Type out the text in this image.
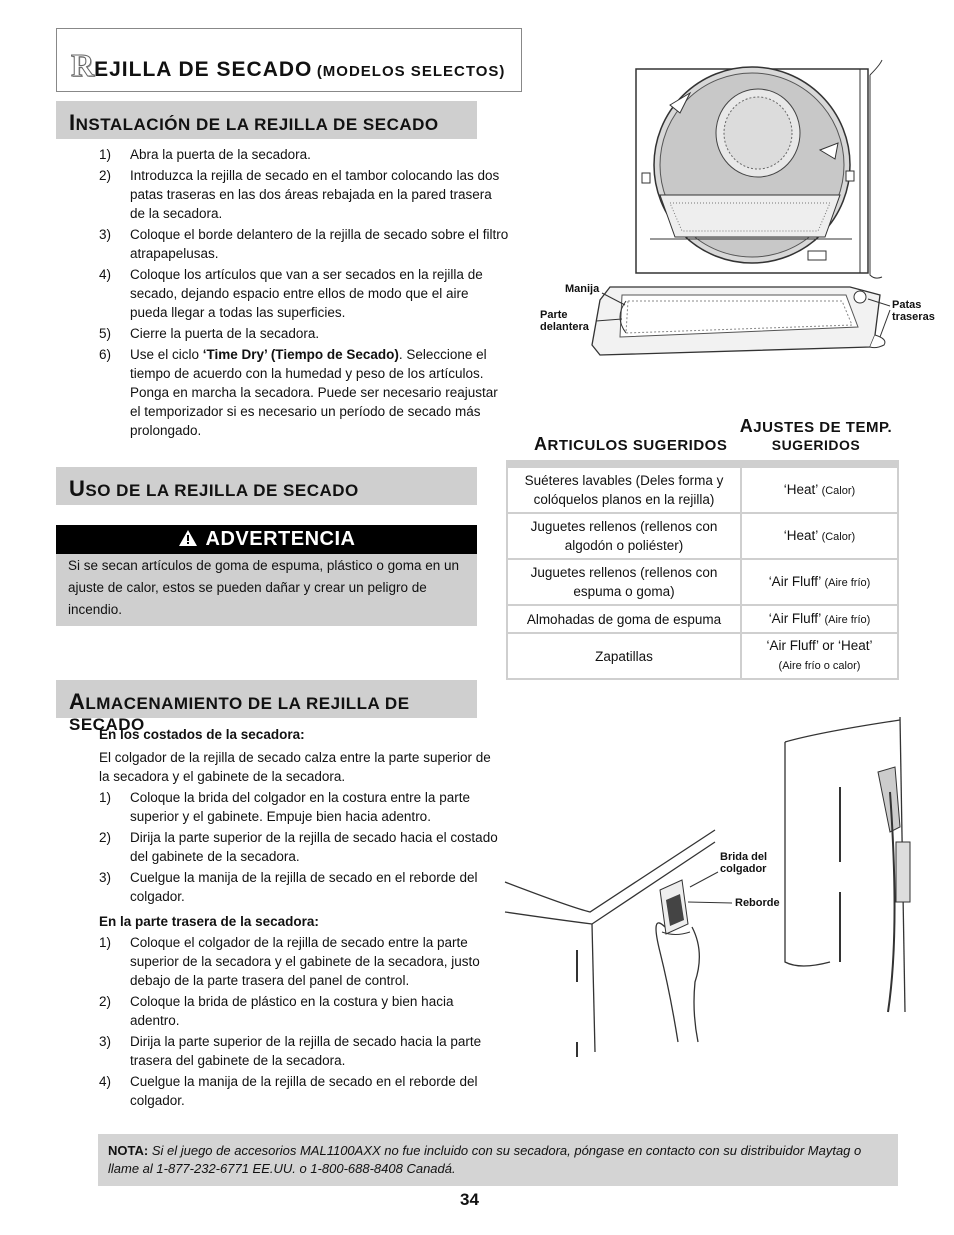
REJILLA DE SECADO (MODELOS SELECTOS)
INSTALACIÓN DE LA REJILLA DE SECADO
1) Abra la puerta de la secadora.
2) Introduzca la rejilla de secado en el tambor colocando las dos patas traseras en las dos áreas rebajada en la pared trasera de la secadora.
3) Coloque el borde delantero de la rejilla de secado sobre el filtro atrapapelusas.
4) Coloque los artículos que van a ser secados en la rejilla de secado, dejando espacio entre ellos de modo que el aire pueda llegar a todas las superficies.
5) Cierre la puerta de la secadora.
6) Use el ciclo ‘Time Dry’ (Tiempo de Secado). Seleccione el tiempo de acuerdo con la humedad y peso de los artículos. Ponga en marcha la secadora. Puede ser necesario reajustar el temporizador si es necesario un período de secado más prolongado.
USO DE LA REJILLA DE SECADO
ADVERTENCIA
Si se secan artículos de goma de espuma, plástico o goma en un ajuste de calor, estos se pueden dañar y crear un peligro de incendio.
ALMACENAMIENTO DE LA REJILLA DE SECADO
En los costados de la secadora:
El colgador de la rejilla de secado calza entre la parte superior de la secadora y el gabinete de la secadora.
1) Coloque la brida del colgador en la costura entre la parte superior y el gabinete. Empuje bien hacia adentro.
2) Dirija la parte superior de la rejilla de secado hacia el costado del gabinete de la secadora.
3) Cuelgue la manija de la rejilla de secado en el reborde del colgador.
En la parte trasera de la secadora:
1) Coloque el colgador de la rejilla de secado entre la parte superior de la secadora y el gabinete de la secadora, justo debajo de la parte trasera del panel de control.
2) Coloque la brida de plástico en la costura y bien hacia adentro.
3) Dirija la parte superior de la rejilla de secado hacia la parte trasera del gabinete de la secadora.
4) Cuelgue la manija de la rejilla de secado en el reborde del colgador.
Manija
Parte delantera
Patas traseras
ARTICULOS SUGERIDOS
AJUSTES DE TEMP.
SUGERIDOS
Suéteres lavables (Deles forma y colóquelos planos en la rejilla)	‘Heat’ (Calor)
Juguetes rellenos (rellenos con algodón o poliéster)	‘Heat’ (Calor)
Juguetes rellenos (rellenos con espuma o goma)	‘Air Fluff’ (Aire frío)
Almohadas de goma de espuma	‘Air Fluff’ (Aire frío)
Zapatillas	‘Air Fluff’ or ‘Heat’
(Aire frío o calor)
Brida del colgador
Reborde
NOTA: Si el juego de accesorios MAL1100AXX no fue incluido con su secadora, póngase en contacto con su distribuidor Maytag o llame al 1-877-232-6771 EE.UU. o 1-800-688-8408 Canadá.
34
